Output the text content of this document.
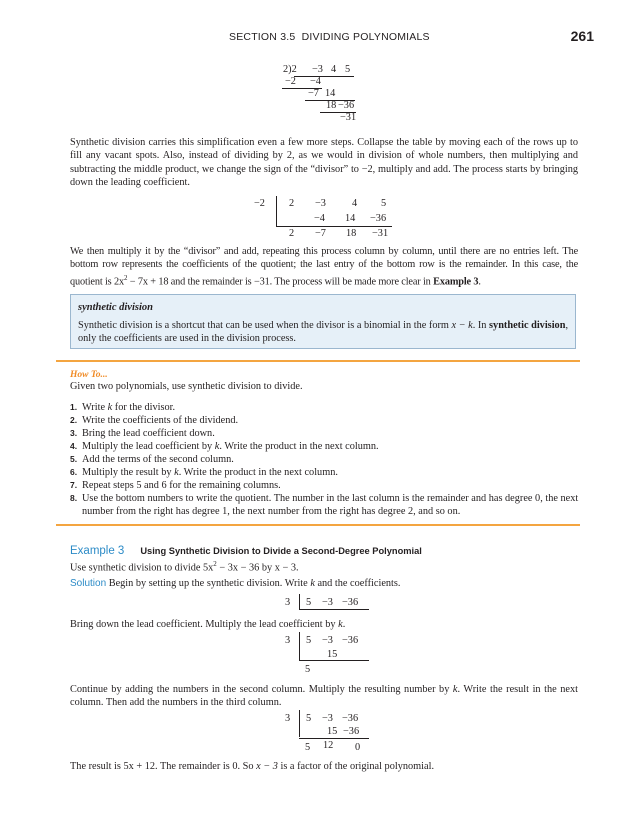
SECTION 3.5 DIVIDING POLYNOMIALS	261
2)2 −3 4 5
−2 −4
−7 14
18 −36
−31
Synthetic division carries this simplification even a few more steps. Collapse the table by moving each of the rows up to fill any vacant spots. Also, instead of dividing by 2, as we would in division of whole numbers, then multiplying and subtracting the middle product, we change the sign of the “divisor” to −2, multiply and add. The process starts by bringing down the leading coefficient.
−2 2 −3	4 5
−4 14 −36
2 −7 18 −31
We then multiply it by the “divisor” and add, repeating this process column by column, until there are no entries left. The bottom row represents the coefficients of the quotient; the last entry of the bottom row is the remainder. In this case, the quotient is $2x^2 - 7x + 18$ and the remainder is −31. The process will be made more clear in Example 3.
synthetic division
Synthetic division is a shortcut that can be used when the divisor is a binomial in the form x − k. In synthetic division, only the coefficients are used in the division process.
How To...
Given two polynomials, use synthetic division to divide.
1. Write k for the divisor.
2. Write the coefficients of the dividend.
3. Bring the lead coefficient down.
4. Multiply the lead coefficient by k. Write the product in the next column.
5. Add the terms of the second column.
6. Multiply the result by k. Write the product in the next column.
7. Repeat steps 5 and 6 for the remaining columns.
8. Use the bottom numbers to write the quotient. The number in the last column is the remainder and has degree 0, the next number from the right has degree 1, the next number from the right has degree 2, and so on.
Example 3 Using Synthetic Division to Divide a Second-Degree Polynomial
Use synthetic division to divide $5x^2 - 3x - 36$ by x − 3.
Solution Begin by setting up the synthetic division. Write k and the coefficients.
3 5 −3 −36
Bring down the lead coefficient. Multiply the lead coefficient by k.
3 5 −3 −36
15
5
Continue by adding the numbers in the second column. Multiply the resulting number by k. Write the result in the next column. Then add the numbers in the third column.
3 5 −3 −36
15 −36
5 12 0
The result is 5x + 12. The remainder is 0. So x − 3 is a factor of the original polynomial.
